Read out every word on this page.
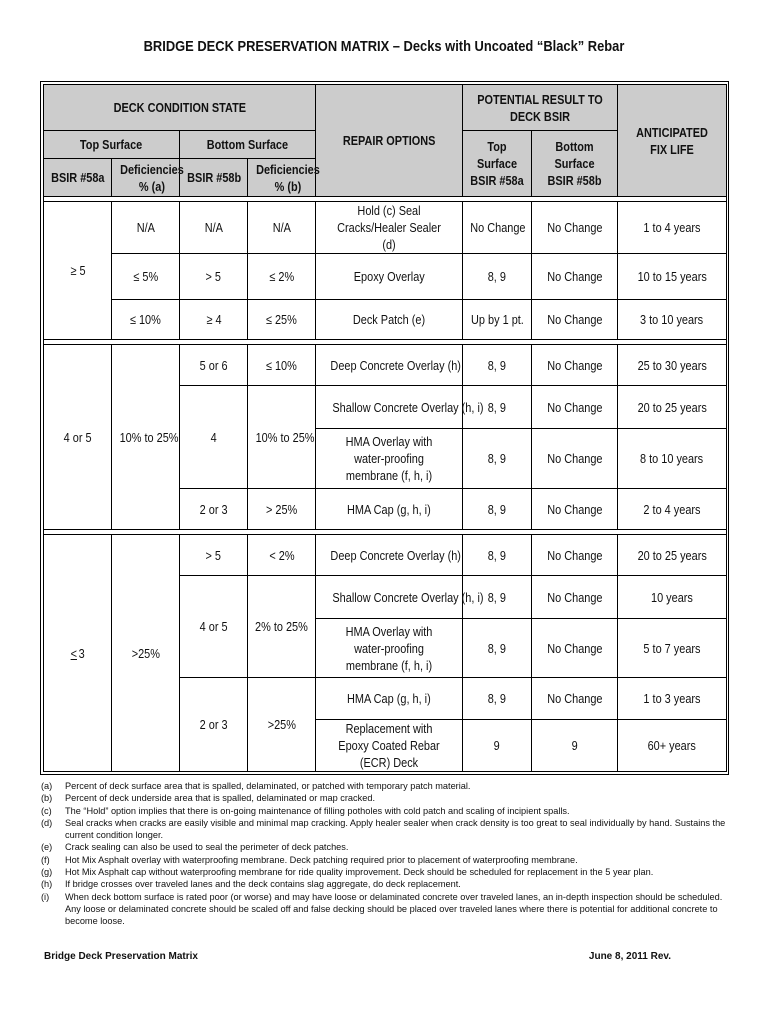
BRIDGE DECK PRESERVATION MATRIX – Decks with Uncoated “Black” Rebar
DECK CONDITION STATE				REPAIR OPTIONS	POTENTIAL RESULT TO DECK BSIR		ANTICIPATED FIX LIFE
Top Surface		Bottom Surface			Top Surface BSIR #58a	Bottom Surface BSIR #58b	
BSIR #58a	Deficiencies % (a)	BSIR #58b	Deficiencies % (b)				

≥ 5	N/A	N/A	N/A	Hold (c) Seal Cracks/Healer Sealer (d)	No Change	No Change	1 to 4 years
	≤ 5%	> 5	≤ 2%	Epoxy Overlay	8, 9	No Change	10 to 15 years
	≤ 10%	≥ 4	≤ 25%	Deck Patch (e)	Up by 1 pt.	No Change	3 to 10 years

4 or 5	10% to 25%	5 or 6	≤ 10%	Deep Concrete Overlay (h)	8, 9	No Change	25 to 30 years
		4	10% to 25%	Shallow Concrete Overlay (h, i)	8, 9	No Change	20 to 25 years
				HMA Overlay with water-proofing membrane (f, h, i)	8, 9	No Change	8 to 10 years
		2 or 3	> 25%	HMA Cap (g, h, i)	8, 9	No Change	2 to 4 years

<3	>25%	> 5	< 2%	Deep Concrete Overlay (h)	8, 9	No Change	20 to 25 years
		4 or 5	2% to 25%	Shallow Concrete Overlay (h, i)	8, 9	No Change	10 years
				HMA Overlay with water-proofing membrane (f, h, i)	8, 9	No Change	5 to 7 years
		2 or 3	>25%	HMA Cap (g, h, i)	8, 9	No Change	1 to 3 years
				Replacement with Epoxy Coated Rebar (ECR) Deck	9	9	60+ years
(a)	Percent of deck surface area that is spalled, delaminated, or patched with temporary patch material.
(b)	Percent of deck underside area that is spalled, delaminated or map cracked.
(c)	The “Hold” option implies that there is on-going maintenance of filling potholes with cold patch and scaling of incipient spalls.
(d)	Seal cracks when cracks are easily visible and minimal map cracking. Apply healer sealer when crack density is too great to seal individually by hand. Sustains the current condition longer.
(e)	Crack sealing can also be used to seal the perimeter of deck patches.
(f)	Hot Mix Asphalt overlay with waterproofing membrane. Deck patching required prior to placement of waterproofing membrane.
(g)	Hot Mix Asphalt cap without waterproofing membrane for ride quality improvement. Deck should be scheduled for replacement in the 5 year plan.
(h)	If bridge crosses over traveled lanes and the deck contains slag aggregate, do deck replacement.
(i)	When deck bottom surface is rated poor (or worse) and may have loose or delaminated concrete over traveled lanes, an in-depth inspection should be scheduled. Any loose or delaminated concrete should be scaled off and false decking should be placed over traveled lanes where there is potential for additional concrete to become loose.
Bridge Deck Preservation Matrix	June 8, 2011 Rev.
